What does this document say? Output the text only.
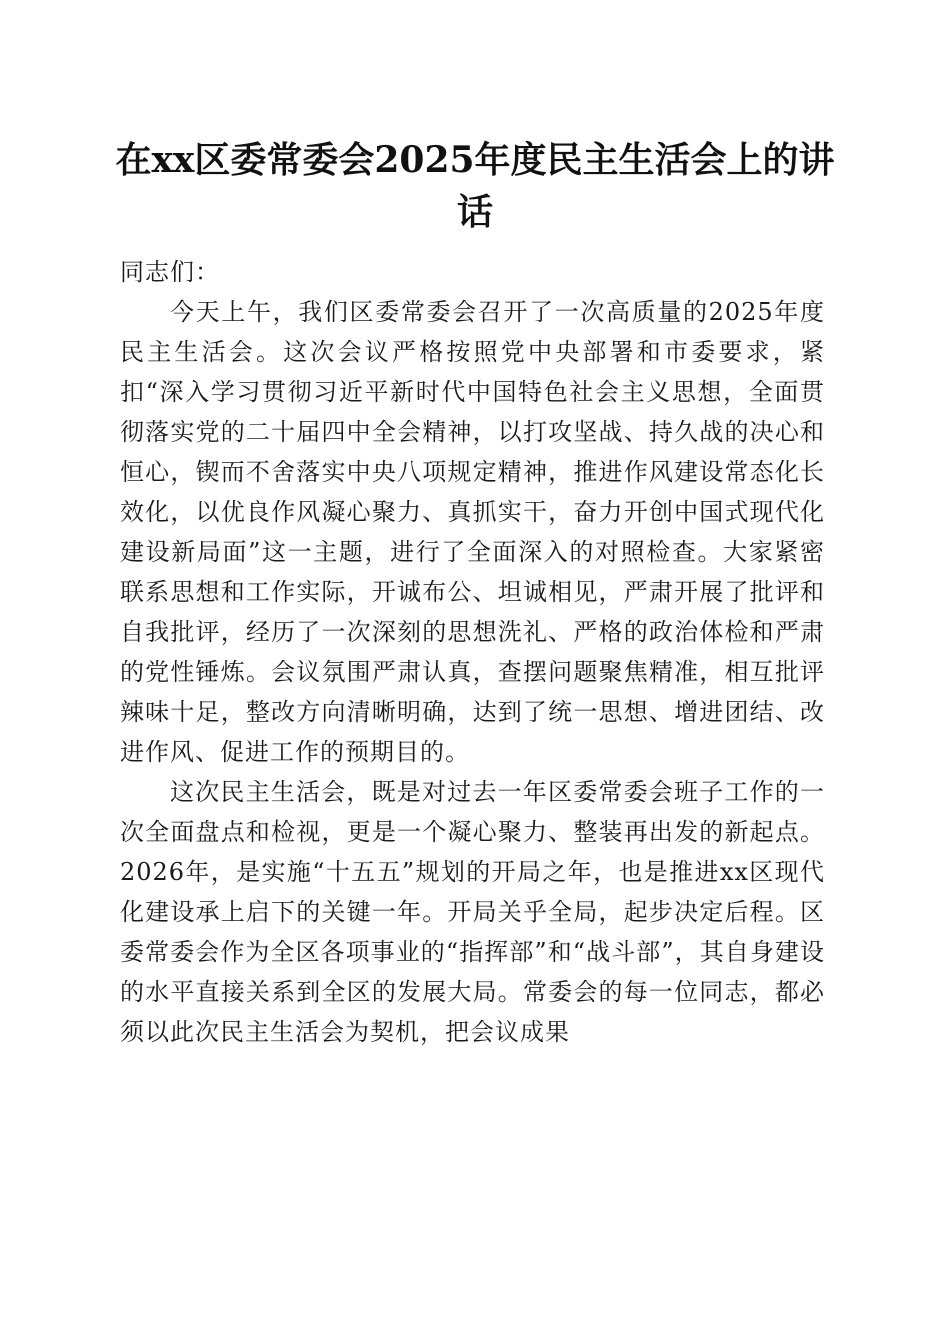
在xx区委常委会2025年度民主生活会上的讲话

同志们：

今天上午，我们区委常委会召开了一次高质量的2025年度民主生活会。这次会议严格按照党中央部署和市委要求，紧扣“深入学习贯彻习近平新时代中国特色社会主义思想，全面贯彻落实党的二十届四中全会精神，以打攻坚战、持久战的决心和恒心，锲而不舍落实中央八项规定精神，推进作风建设常态化长效化，以优良作风凝心聚力、真抓实干，奋力开创中国式现代化建设新局面”这一主题，进行了全面深入的对照检查。大家紧密联系思想和工作实际，开诚布公、坦诚相见，严肃开展了批评和自我批评，经历了一次深刻的思想洗礼、严格的政治体检和严肃的党性锤炼。会议氛围严肃认真，查摆问题聚焦精准，相互批评辣味十足，整改方向清晰明确，达到了统一思想、增进团结、改进作风、促进工作的预期目的。

这次民主生活会，既是对过去一年区委常委会班子工作的一次全面盘点和检视，更是一个凝心聚力、整装再出发的新起点。2026年，是实施“十五五”规划的开局之年，也是推进xx区现代化建设承上启下的关键一年。开局关乎全局，起步决定后程。区委常委会作为全区各项事业的“指挥部”和“战斗部”，其自身建设的水平直接关系到全区的发展大局。常委会的每一位同志，都必须以此次民主生活会为契机，把会议成果
